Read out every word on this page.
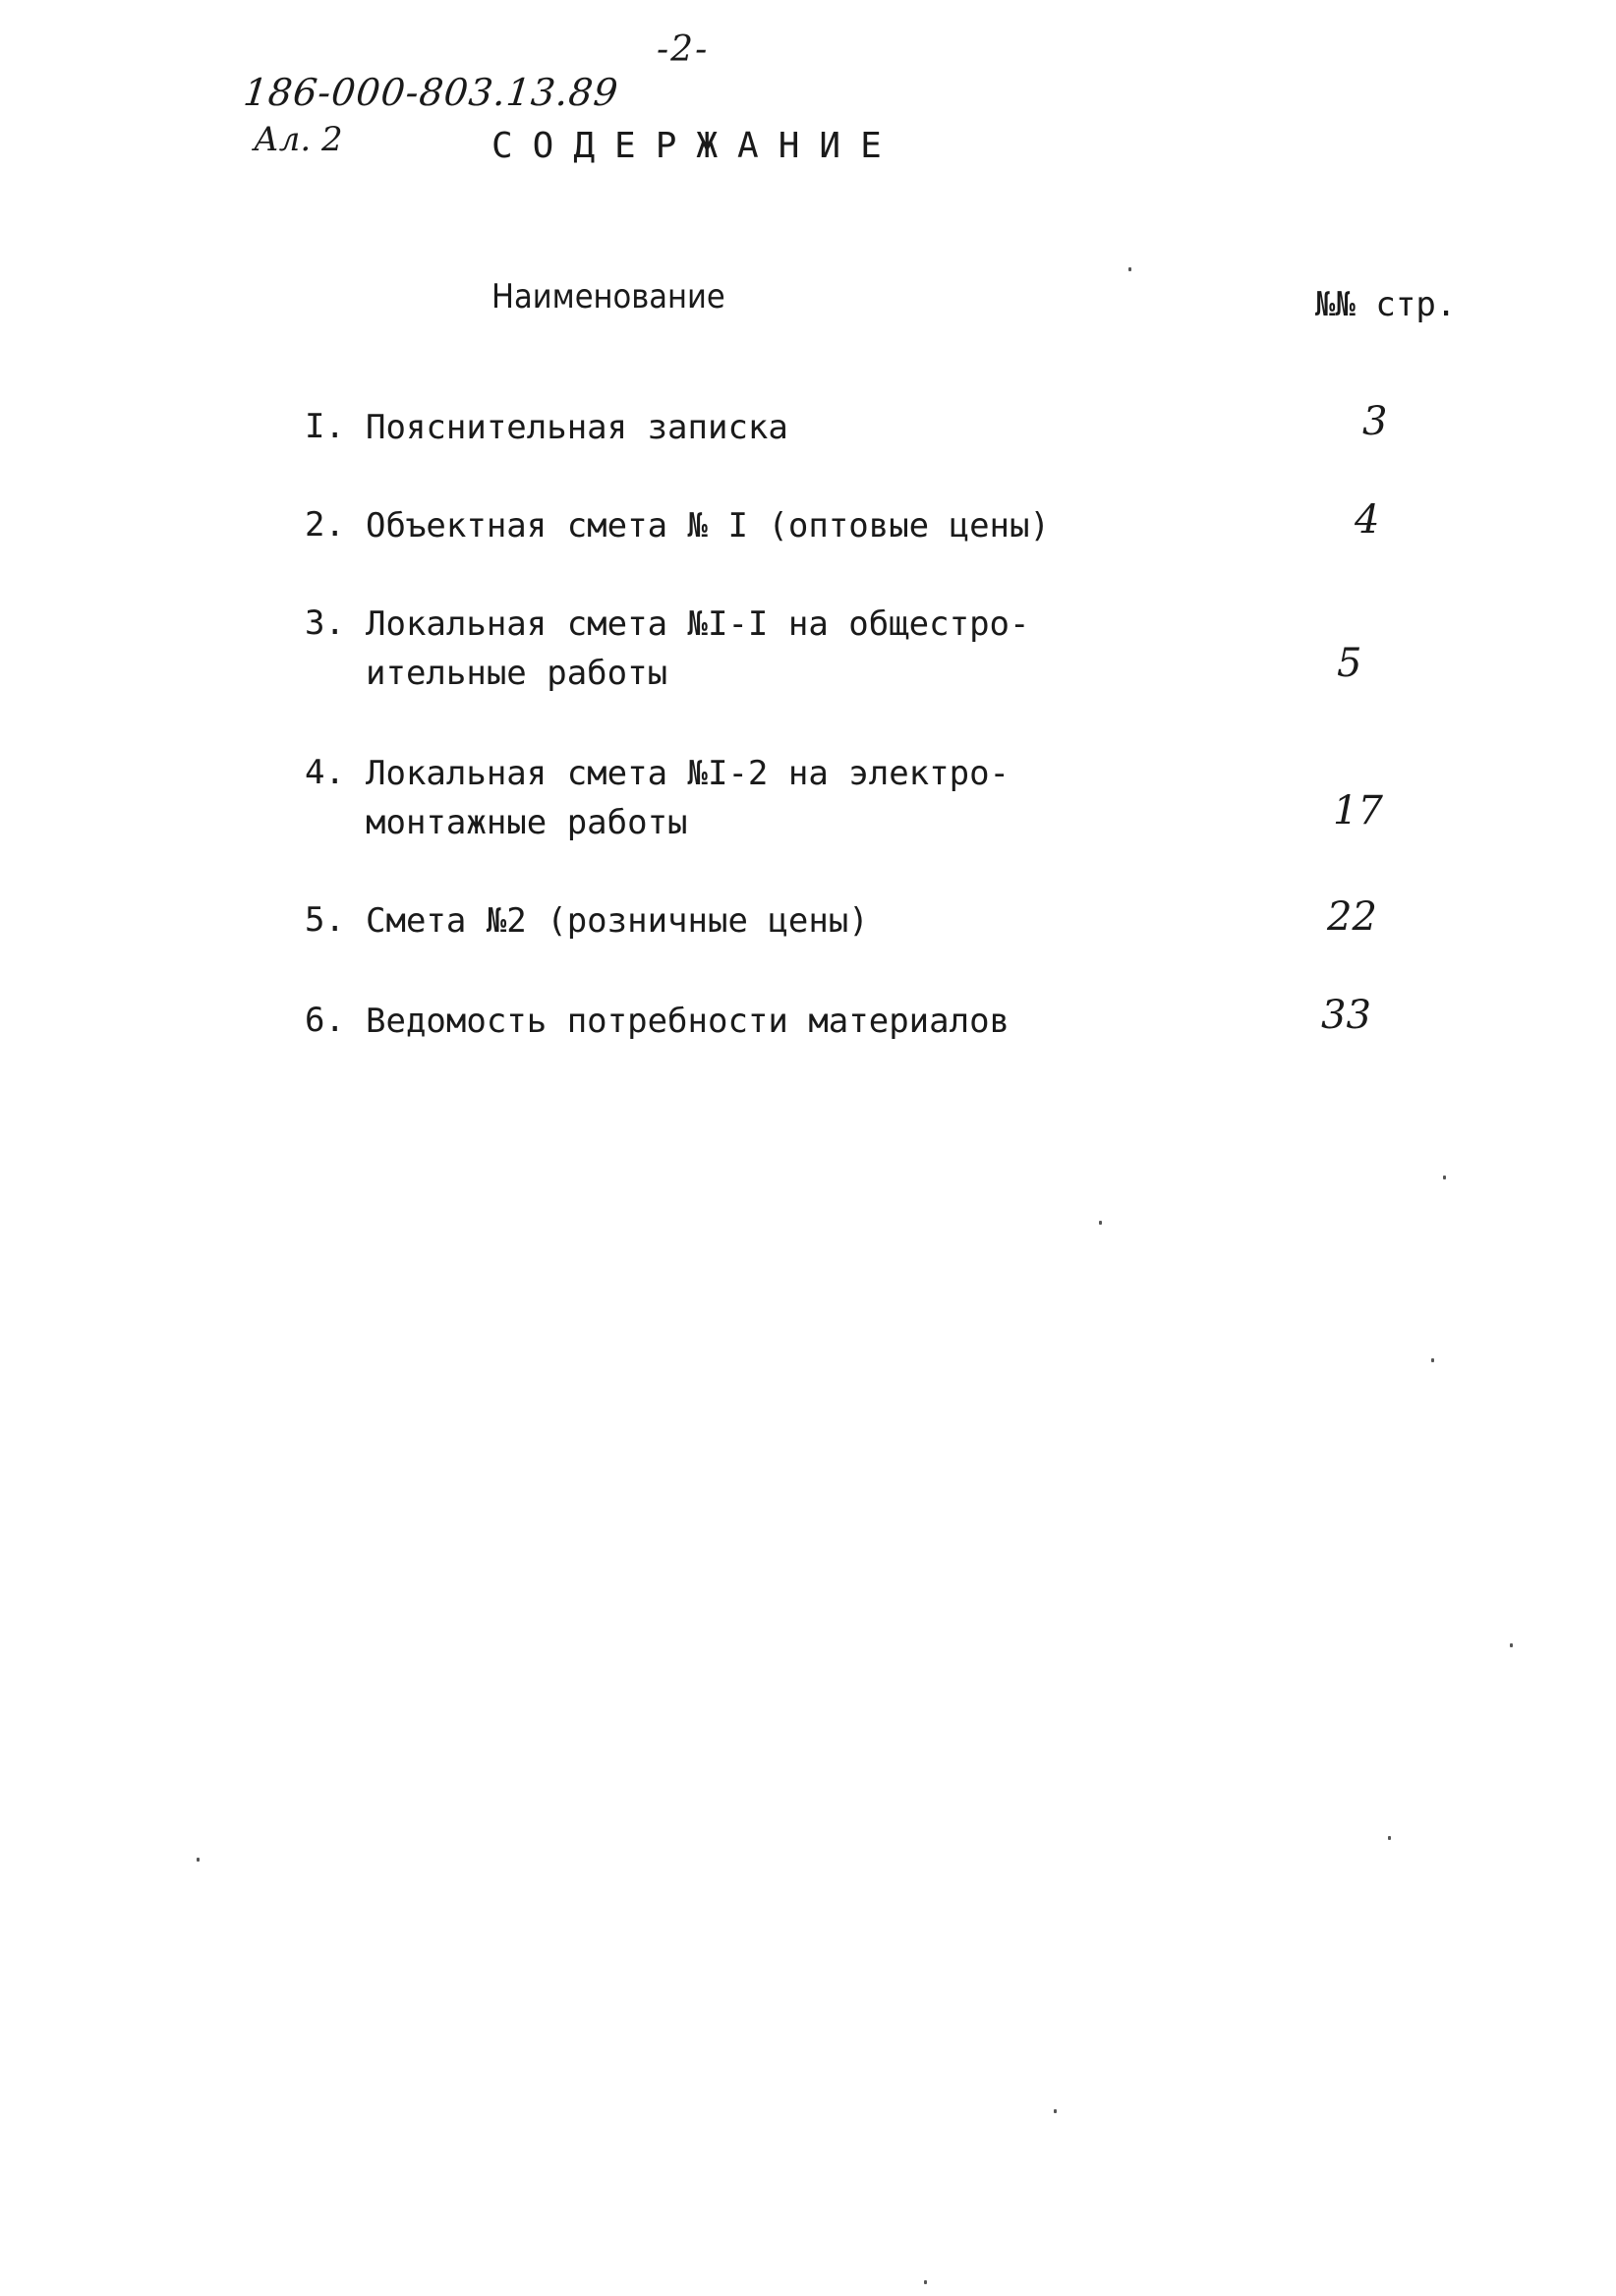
-2-
186-000-803.13.89
Ал. 2	СОДЕРЖАНИЕ
Наименование	№№ стр.
I. Пояснительная записка	3
2. Объектная смета № I (оптовые цены)	4
3. Локальная смета №I-I на общестро-
ительные работы	5
4. Локальная смета №I-2 на электро-
монтажные работы	17
5. Смета №2 (розничные цены)	22
6. Ведомость потребности материалов	33
